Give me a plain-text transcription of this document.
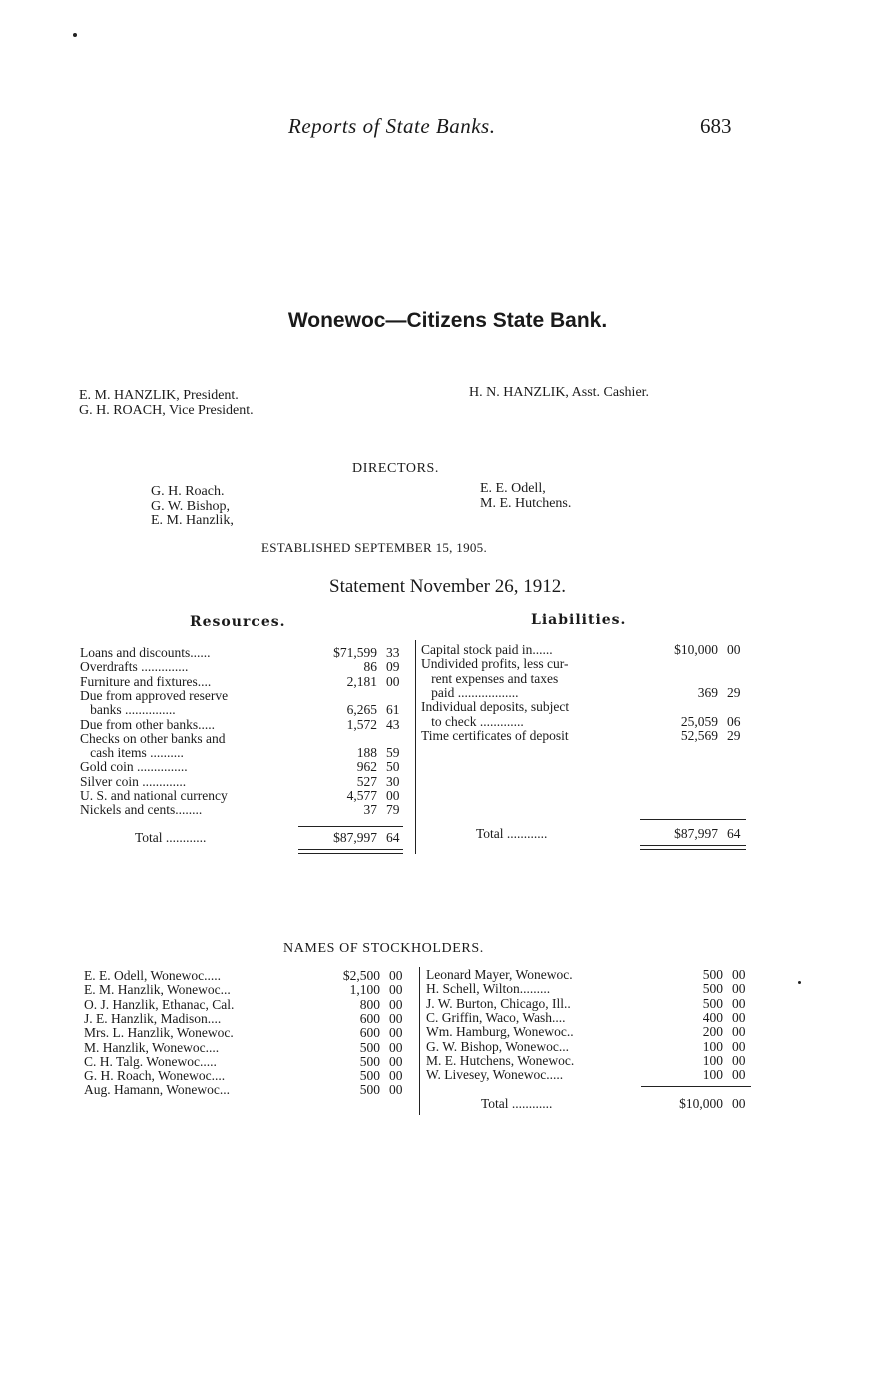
Reports of State Banks.	683
Wonewoc—Citizens State Bank.
E. M. HANZLIK, President.
G. H. ROACH, Vice President.
H. N. HANZLIK, Asst. Cashier.
DIRECTORS.
G. H. Roach.
G. W. Bishop,
E. M. Hanzlik,
E. E. Odell,
M. E. Hutchens.
ESTABLISHED SEPTEMBER 15, 1905.
Statement November 26, 1912.
Resources.	Liabilities.
Loans and discounts......	$71,599 33
Overdrafts ..............	86 09
Furniture and fixtures....	2,181 00
Due from approved reserve
banks ...............	6,265 61
Due from other banks.....	1,572 43
Checks on other banks and
cash items ..........	188 59
Gold coin ...............	962 50
Silver coin .............	527 30
U. S. and national currency	4,577 00
Nickels and cents........	37 79
Total ............	$87,997 64
Capital stock paid in......	$10,000 00
Undivided profits, less cur-
rent expenses and taxes
paid ..................	369 29
Individual deposits, subject
to check .............	25,059 06
Time certificates of deposit	52,569 29
Total ............	$87,997 64
NAMES OF STOCKHOLDERS.
E. E. Odell, Wonewoc.....	$2,500 00
E. M. Hanzlik, Wonewoc...	1,100 00
O. J. Hanzlik, Ethanac, Cal.	800 00
J. E. Hanzlik, Madison....	600 00
Mrs. L. Hanzlik, Wonewoc.	600 00
M. Hanzlik, Wonewoc....	500 00
C. H. Talg. Wonewoc.....	500 00
G. H. Roach, Wonewoc....	500 00
Aug. Hamann, Wonewoc...	500 00
Leonard Mayer, Wonewoc.	500 00
H. Schell, Wilton.........	500 00
J. W. Burton, Chicago, Ill..	500 00
C. Griffin, Waco, Wash....	400 00
Wm. Hamburg, Wonewoc..	200 00
G. W. Bishop, Wonewoc...	100 00
M. E. Hutchens, Wonewoc.	100 00
W. Livesey, Wonewoc.....	100 00
Total ............	$10,000 00
